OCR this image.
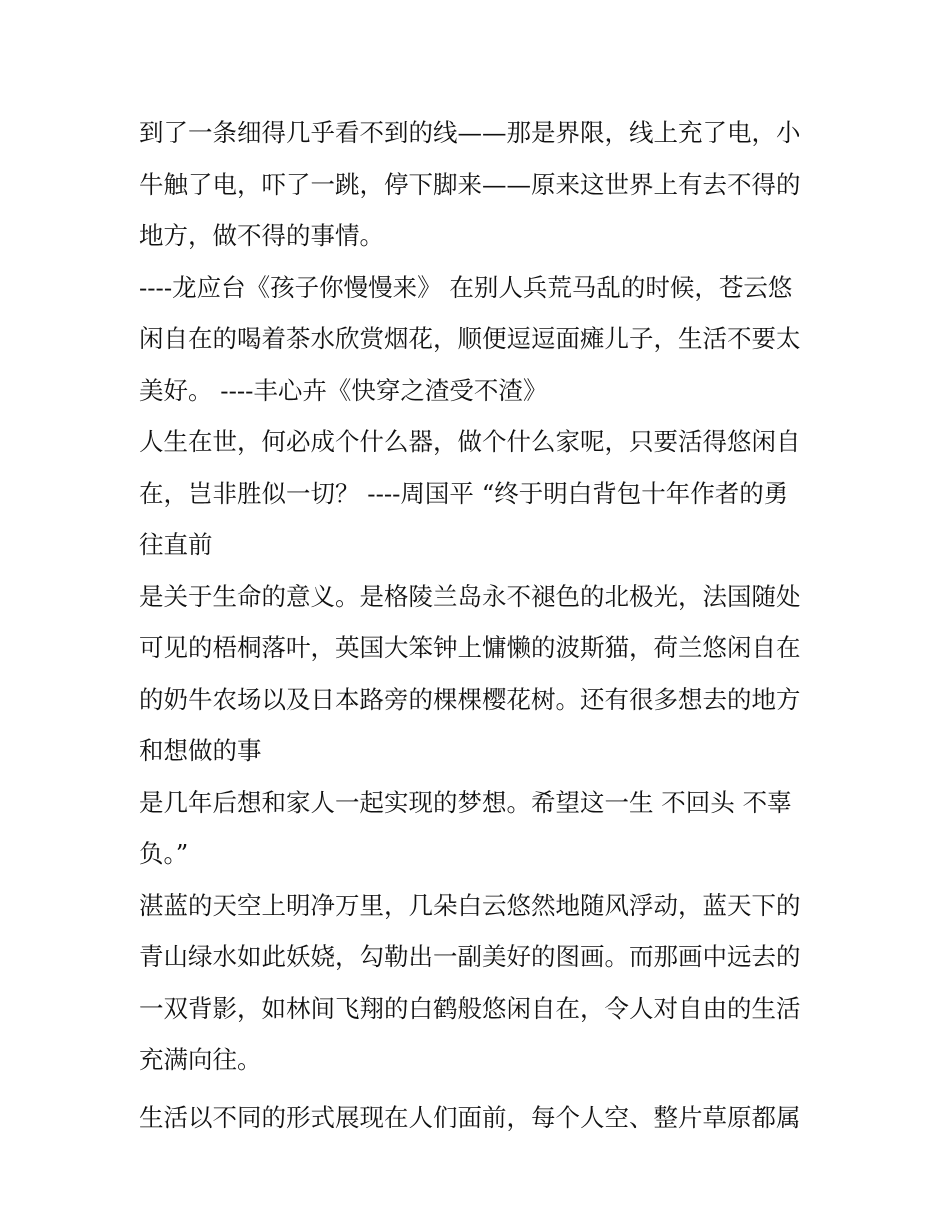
到了一条细得几乎看不到的线——那是界限，线上充了电，小
牛触了电，吓了一跳，停下脚来——原来这世界上有去不得的
地方，做不得的事情。
----龙应台《孩子你慢慢来》 在别人兵荒马乱的时候，苍云悠
闲自在的喝着茶水欣赏烟花，顺便逗逗面瘫儿子，生活不要太
美好。 ----丰心卉《快穿之渣受不渣》
人生在世，何必成个什么器，做个什么家呢，只要活得悠闲自
在，岂非胜似一切？ ----周国平 “终于明白背包十年作者的勇
往直前
是关于生命的意义。是格陵兰岛永不褪色的北极光，法国随处
可见的梧桐落叶，英国大笨钟上慵懒的波斯猫，荷兰悠闲自在
的奶牛农场以及日本路旁的棵棵樱花树。还有很多想去的地方
和想做的事
是几年后想和家人一起实现的梦想。希望这一生 不回头 不辜
负。”
湛蓝的天空上明净万里，几朵白云悠然地随风浮动，蓝天下的
青山绿水如此妖娆，勾勒出一副美好的图画。而那画中远去的
一双背影，如林间飞翔的白鹤般悠闲自在，令人对自由的生活
充满向往。
生活以不同的形式展现在人们面前，每个人空、整片草原都属
